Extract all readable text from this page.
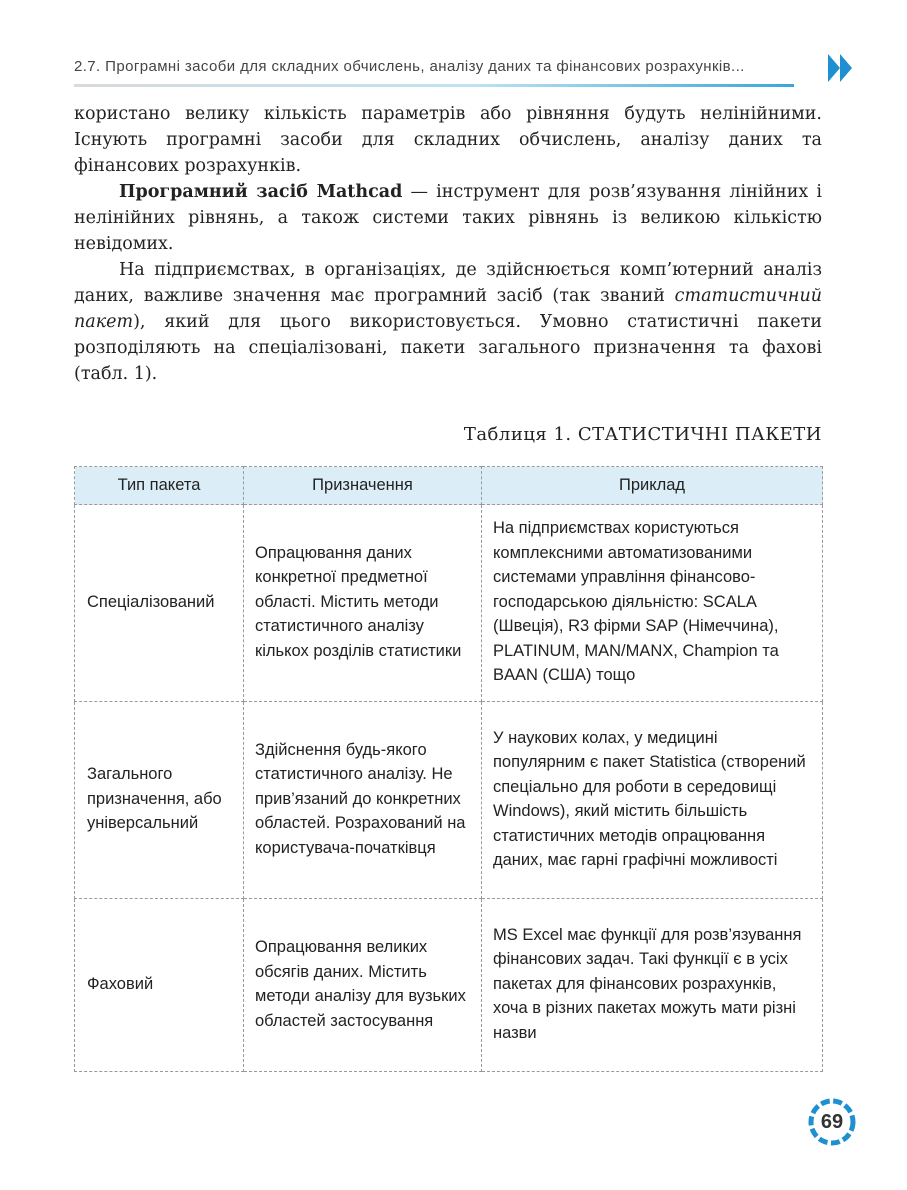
2.7. Програмні засоби для складних обчислень, аналізу даних та фінансових розрахунків...

користано велику кількість параметрів або рівняння будуть нелінійними. Існують програмні засоби для складних обчислень, аналізу даних та фінансових розрахунків.

Програмний засіб Mathcad — інструмент для розв’язування лінійних і нелінійних рівнянь, а також системи таких рівнянь із великою кількістю невідомих.

На підприємствах, в організаціях, де здійснюється комп’ютерний аналіз даних, важливе значення має програмний засіб (так званий статистичний пакет), який для цього використовується. Умовно статистичні пакети розподіляють на спеціалізовані, пакети загального призначення та фахові (табл. 1).

Таблиця 1. СТАТИСТИЧНІ ПАКЕТИ
Тип пакета	Призначення	Приклад
Спеціалізований	Опрацювання даних конкретної предметної області. Містить методи статистичного аналізу кількох розділів статистики	На підприємствах користуються комплексними автоматизованими системами управління фінансово-господарською діяльністю: SCALA (Швеція), R3 фірми SAP (Німеччина), PLATINUM, MAN/MANX, Champion та BAAN (США) тощо
Загального призначення, або універсальний	Здійснення будь-якого статистичного аналізу. Не прив’язаний до конкретних областей. Розрахований на користувача-початківця	У наукових колах, у медицині популярним є пакет Statistica (створений спеціально для роботи в середовищі Windows), який містить більшість статистичних методів опрацювання даних, має гарні графічні можливості
Фаховий	Опрацювання великих обсягів даних. Містить методи аналізу для вузьких областей застосування	MS Excel має функції для розв’язування фінансових задач. Такі функції є в усіх пакетах для фінансових розрахунків, хоча в різних пакетах можуть мати різні назви
69
